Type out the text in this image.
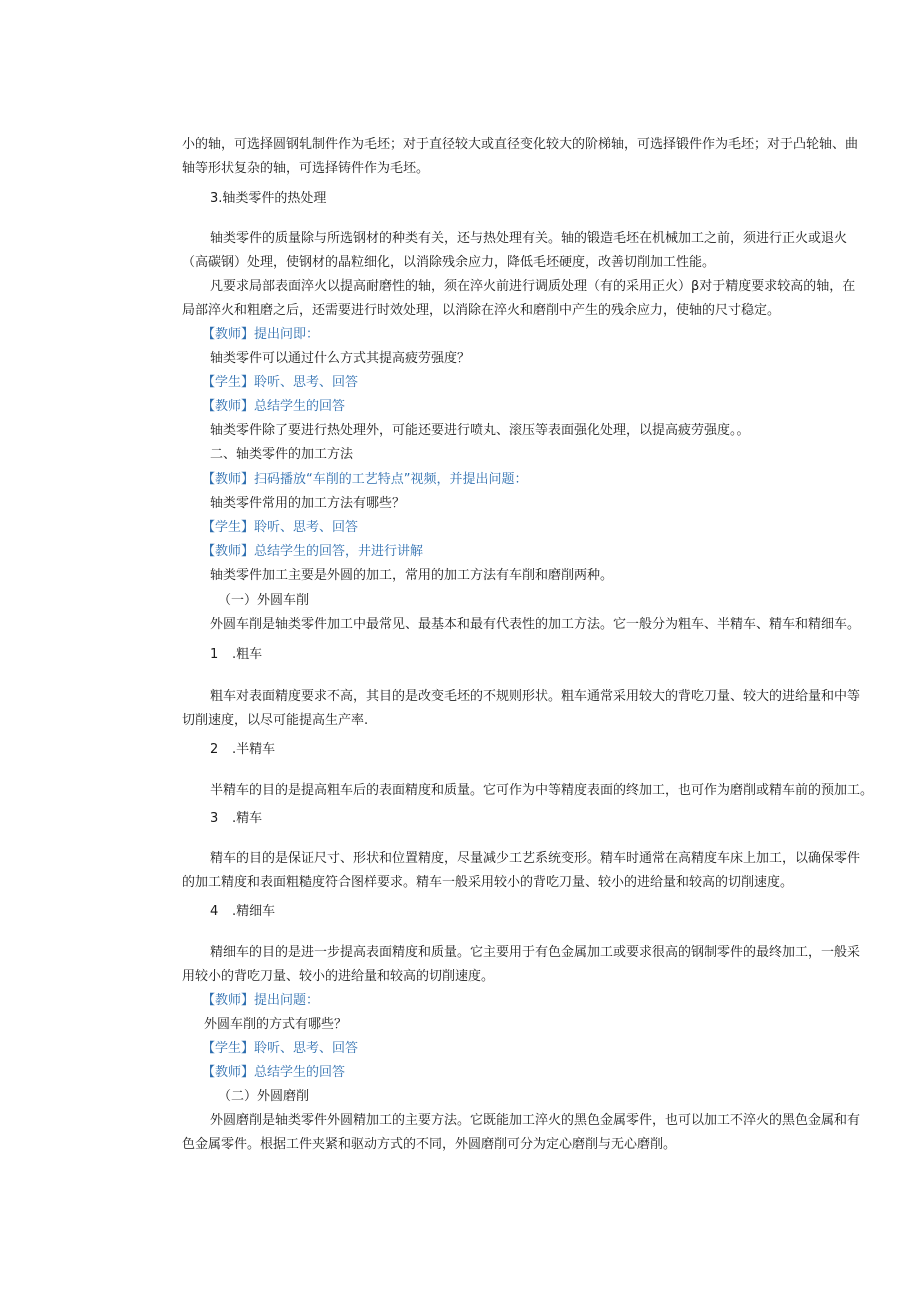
小的轴，可选择圆钢轧制件作为毛坯；对于直径较大或直径变化较大的阶梯轴，可选择锻件作为毛坯；对于凸轮轴、曲

轴等形状复杂的轴，可选择铸件作为毛坯。

3.轴类零件的热处理

轴类零件的质量除与所选钢材的种类有关，还与热处理有关。轴的锻造毛坯在机械加工之前，须进行正火或退火

（高碳钢）处理，使钢材的晶粒细化，以消除残余应力，降低毛坯硬度，改善切削加工性能。

凡要求局部表面淬火以提高耐磨性的轴，须在淬火前进行调质处理（有的采用正火）β对于精度要求较高的轴，在

局部淬火和粗磨之后，还需要进行时效处理，以消除在淬火和磨削中产生的残余应力，使轴的尺寸稳定。

【教师】提出问即：

轴类零件可以通过什么方式其提高疲劳强度？

【学生】聆听、思考、回答

【教师】总结学生的回答

轴类零件除了要进行热处理外，可能还要进行喷丸、滚压等表面强化处理，以提高疲劳强度。。

二、轴类零件的加工方法

【教师】扫码播放“车削的工艺特点”视频，并提出问题：

轴类零件常用的加工方法有哪些？

【学生】聆听、思考、回答

【教师】总结学生的回答，井进行讲解

轴类零件加工主要是外圆的加工，常用的加工方法有车削和磨削两种。

（一）外圆车削

外圆车削是轴类零件加工中最常见、最基本和最有代表性的加工方法。它一般分为粗车、半精车、精车和精细车。

1 .粗车

粗车对表面精度要求不高，其目的是改变毛坯的不规则形状。粗车通常采用较大的背吃刀量、较大的进给量和中等

切削速度，以尽可能提高生产率.

2 .半精车

半精车的目的是提高粗车后的表面精度和质量。它可作为中等精度表面的终加工，也可作为磨削或精车前的预加工。

3 .精车

精车的目的是保证尺寸、形状和位置精度，尽量减少工艺系统变形。精车时通常在高精度车床上加工，以确保零件

的加工精度和表面粗糙度符合图样要求。精车一般采用较小的背吃刀量、较小的进给量和较高的切削速度。

4 .精细车

精细车的目的是进一步提高表面精度和质量。它主要用于有色金属加工或要求很高的钢制零件的最终加工，一般采

用较小的背吃刀量、较小的进给量和较高的切削速度。

【教师】提出问题：

外圆车削的方式有哪些？

【学生】聆听、思考、回答

【教师】总结学生的回答

（二）外圆磨削

外圆磨削是轴类零件外圆精加工的主要方法。它既能加工淬火的黑色金属零件，也可以加工不淬火的黑色金属和有

色金属零件。根据工件夹紧和驱动方式的不同，外圆磨削可分为定心磨削与无心磨削。
